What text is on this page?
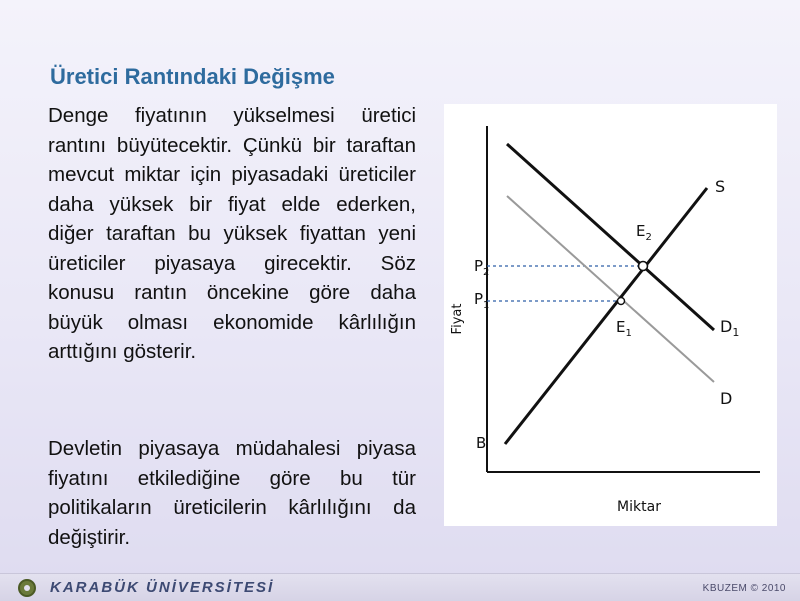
Üretici Rantındaki Değişme
Denge fiyatının yükselmesi üretici rantını büyütecektir. Çünkü bir taraftan mevcut miktar için piyasadaki üreticiler daha yüksek bir fiyat elde ederken, diğer taraftan bu yüksek fiyattan yeni üreticiler piyasaya girecektir. Söz konusu rantın öncekine göre daha büyük olması ekonomide kârlılığın arttığını gösterir.
Devletin piyasaya müdahalesi piyasa fiyatını etkilediğine göre bu tür politikaların üreticilerin kârlılığını da değiştirir.
Fiyat
Miktar
S
$D_1$
D
$E_2$
$E_1$
$P_2$
$P_1$
B
KARABÜK ÜNİVERSİTESİ	KBUZEM © 2010
